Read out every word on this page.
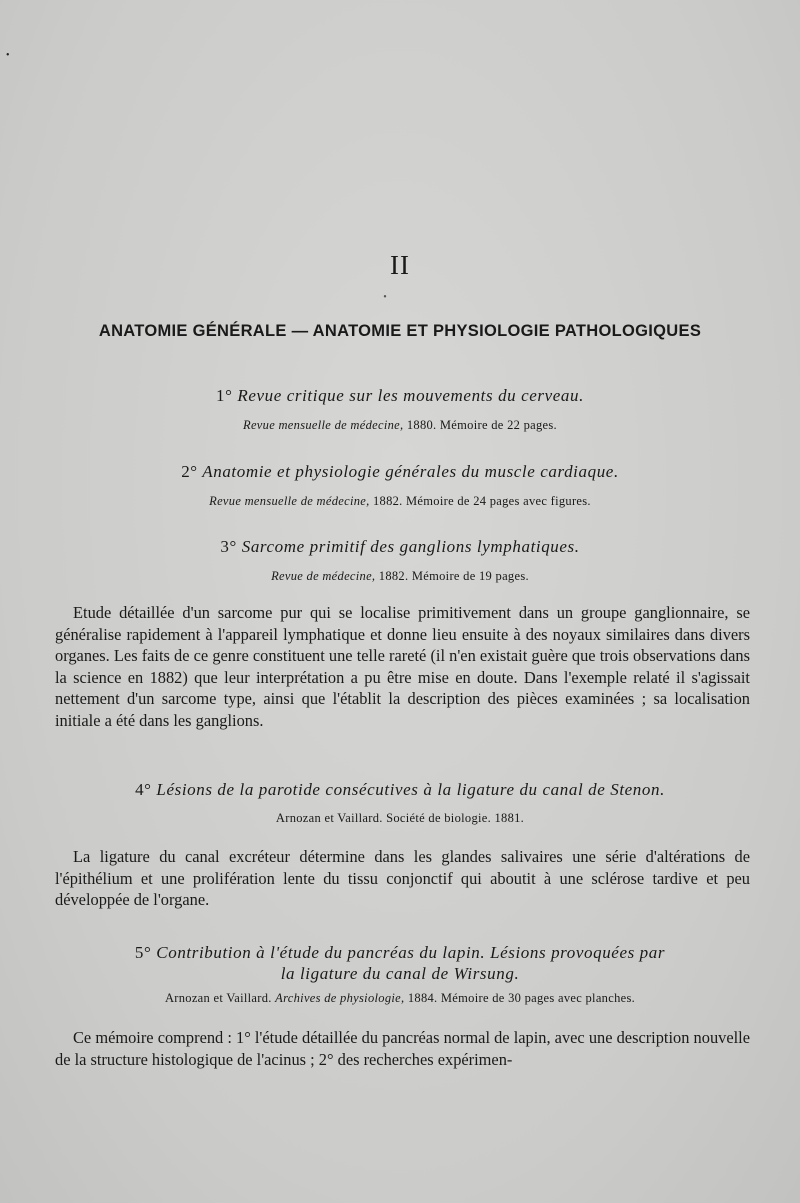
•
II
•
ANATOMIE GÉNÉRALE — ANATOMIE ET PHYSIOLOGIE PATHOLOGIQUES
1° Revue critique sur les mouvements du cerveau.
Revue mensuelle de médecine, 1880. Mémoire de 22 pages.
2° Anatomie et physiologie générales du muscle cardiaque.
Revue mensuelle de médecine, 1882. Mémoire de 24 pages avec figures.
3° Sarcome primitif des ganglions lymphatiques.
Revue de médecine, 1882. Mémoire de 19 pages.
Etude détaillée d'un sarcome pur qui se localise primitivement dans un groupe ganglionnaire, se généralise rapidement à l'appareil lymphatique et donne lieu ensuite à des noyaux similaires dans divers organes. Les faits de ce genre constituent une telle rareté (il n'en existait guère que trois observations dans la science en 1882) que leur interprétation a pu être mise en doute. Dans l'exemple relaté il s'agissait nettement d'un sarcome type, ainsi que l'établit la description des pièces examinées ; sa localisation initiale a été dans les ganglions.
4° Lésions de la parotide consécutives à la ligature du canal de Stenon.
Arnozan et Vaillard. Société de biologie. 1881.
La ligature du canal excréteur détermine dans les glandes salivaires une série d'altérations de l'épithélium et une prolifération lente du tissu conjonctif qui aboutit à une sclérose tardive et peu développée de l'organe.
5° Contribution à l'étude du pancréas du lapin. Lésions provoquées par
la ligature du canal de Wirsung.
Arnozan et Vaillard. Archives de physiologie, 1884. Mémoire de 30 pages avec planches.
Ce mémoire comprend : 1° l'étude détaillée du pancréas normal de lapin, avec une description nouvelle de la structure histologique de l'acinus ; 2° des recherches expérimen-
